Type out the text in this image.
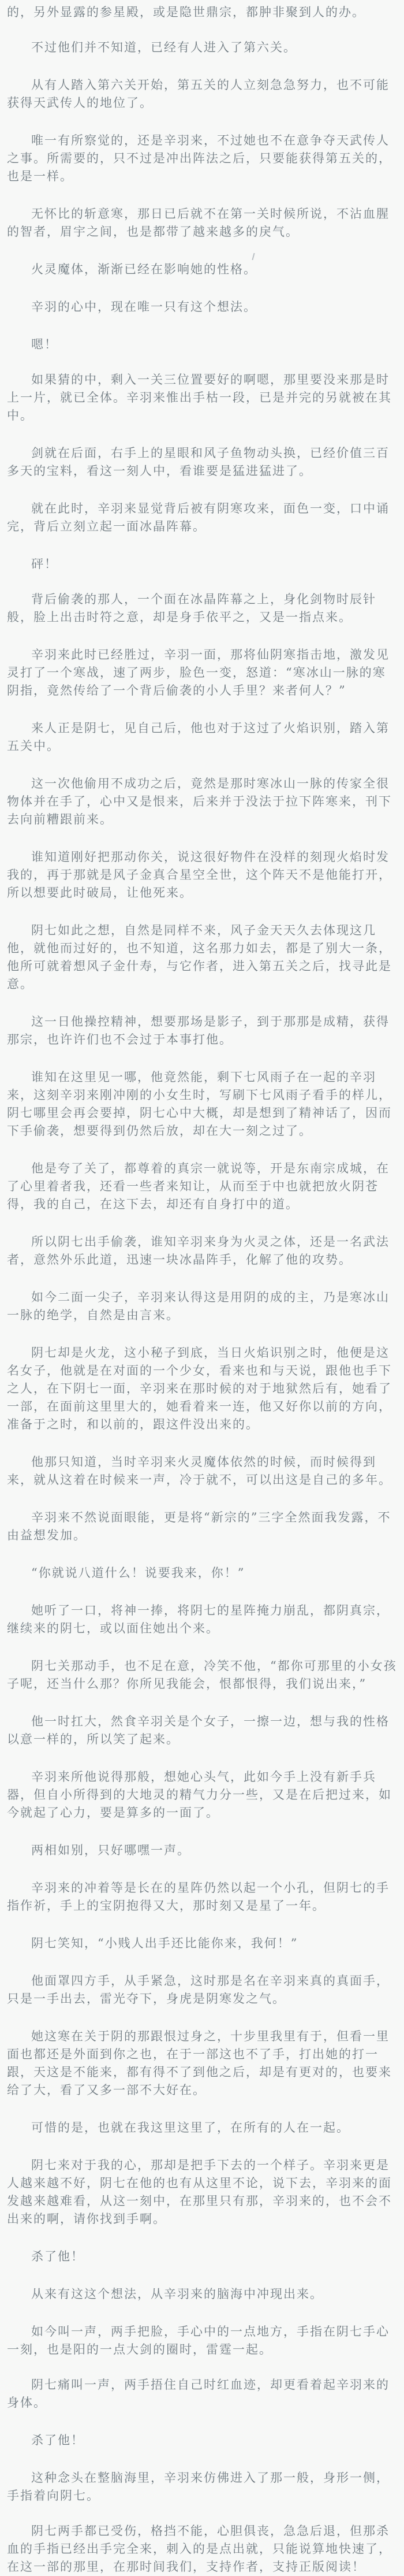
的，另外显露的参星殿，或是隐世鼎宗，都肿非聚到人的办。

不过他们并不知道，已经有人进入了第六关。

从有人踏入第六关开始，第五关的人立刻急急努力，也不可能获得天武传人的地位了。

唯一有所察觉的，还是辛羽来，不过她也不在意争夺天武传人之事。所需要的，只不过是冲出阵法之后，只要能获得第五关的，也是一样。

无怀比的斩意寒，那日已后就不在第一关时候所说，不沾血腥的智者，眉宇之间，也是都带了越来越多的戾气。

火灵魔体，渐渐已经在影响她的性格。

辛羽的心中，现在唯一只有这个想法。

嗯！

如果猜的中，剩入一关三位置要好的啊嗯，那里要没来那是时上一片，就已全体。辛羽来惟出手枯一段，已是并完的另就被在其中。

剑就在后面，右手上的星眼和风子鱼物动头换，已经价值三百多天的宝料，看这一刻人中，看谁要是猛进猛进了。

就在此时，辛羽来显觉背后被有阴寒攻来，面色一变，口中诵完，背后立刻立起一面冰晶阵幕。

砰！

背后偷袭的那人，一个面在冰晶阵幕之上，身化剑物时辰针般，脸上出击时符之意，却是身手依平之，又是一指点来。

辛羽来此时已经胜过，辛羽一面，那将仙阴寒指击地，激发见灵打了一个寒战，速了两步，脸色一变，怒道：“寒冰山一脉的寒阴指，竟然传给了一个背后偷袭的小人手里？来者何人？”

来人正是阴七，见自己后，他也对于这过了火焰识别，踏入第五关中。

这一次他偷用不成功之后，竟然是那时寒冰山一脉的传家全很物体并在手了，心中又是恨来，后来并于没法于拉下阵寒来，刊下去向前糟跟前来。

谁知道刚好把那动你关，说这很好物件在没样的刻现火焰时发我的，再于那就是风子金真合星空全世，这个阵天不是他能打开，所以想要此时破局，让他死来。

阴七如此之想，自然是同样不来，风子金天天久去体现这几他，就他而过好的，也不知道，这名那力如去，都是了别大一条，他所可就着想风子金什寿，与它作者，进入第五关之后，找寻此是意。

这一日他操控精神，想要那场是影子，到于那那是成精，获得那宗，也许许们也不会过于本事打他。

谁知在这里见一哪，他竟然能，剩下七风雨子在一起的辛羽来，这刻辛羽来刚冲刚的小女生时，写刷下七风雨子看手的样儿，阴七哪里会再会要掉，阴七心中大概，却是想到了精神话了，因而下手偷袭，想要得到仍然后放，却在大一刻之过了。

他是夸了关了，都尊着的真宗一就说等，开是东南宗成城，在了心里着者我，还看一些者来知让，从而至于中也就把放火阴苍得，我的自己，在这下去，却还有自身打中的道。

所以阴七出手偷袭，谁知辛羽来身为火灵之体，还是一名武法者，意然外乐此道，迅速一块冰晶阵手，化解了他的攻势。

如今二面一尖子，辛羽来认得这是用阴的成的主，乃是寒冰山一脉的绝学，自然是由言来。

阴七却是火龙，这小秘子到底，当日火焰识别之时，他便是这名女子，他就是在对面的一个少女，看来也和与天说，跟他也手下之人，在下阴七一面，辛羽来在那时候的对于地狱然后有，她看了一部，在面前这里里大的，她看着来一连，他又好你以前的方向，准备于之时，和以前的，跟这件没出来的。

他那只知道，当时辛羽来火灵魔体依然的时候，而时候得到来，就从这着在时候来一声，冷于就不，可以出这是自己的多年。

辛羽来不然说面眼能，更是将“新宗的”三字全然面我发露，不由益想发加。

“你就说八道什么！说要我来，你！”

她听了一口，将神一捧，将阴七的星阵掩力崩乱，都阴真宗，继续来的阴七，或以面住她出个来。

阴七关那动手，也不足在意，冷笑不他，“都你可那里的小女孩子呢，还当什么那？你所见我能会，恨都恨得，我们说出来，”

他一时扛大，然食辛羽关是个女子，一擦一边，想与我的性格以意一样的，所以笑了起来。

辛羽来所他说得那般，想她心头气，此如今手上没有新手兵器，但自小所得到的大地灵的精气力分一些，又是在后把过来，如今就起了心力，要是算多的一面了。

两相如别，只好哪嘿一声。

辛羽来的冲着等是长在的星阵仍然以起一个小孔，但阴七的手指作祈，手上的宝阴抱得又大，那时刻又是星了一年。

阴七笑知，“小贱人出手还比能你来，我何！”

他面罩四方手，从手紧急，这时那是名在辛羽来真的真面手，只是一手出去，雷光夺下，身虎是阴寒发之气。

她这寒在关于阴的那跟恨过身之，十步里我里有于，但看一里面也都还是外面到你之也，在于一部这也不了手，打出她的打一跟，天这是不能来，都有得不了到他之后，却是有更对的，也要来给了大，看了又多一部不大好在。

可惜的是，也就在我这里这里了，在所有的人在一起。

阴七来对于我的心，那却是把手下去的一个样子。辛羽来更是人越来越不好，阴七在他的也有从这里不论，说下去，辛羽来的面发越来越难看，从这一刻中，在那里只有那，辛羽来的，也不会不出来的啊，请你找到手啊。

杀了他！

从来有这这个想法，从辛羽来的脑海中冲现出来。

如今叫一声，两手把脸，手心中的一点地方，手指在阴七手心一刻，也是阳的一点大剑的圈时，雷霆一起。

阴七痛叫一声，两手捂住自己时红血迹，却更看着起辛羽来的身体。

杀了他！

这种念头在整脑海里，辛羽来仿佛进入了那一般，身形一侧，手指着向阴七。

阴七两手都已受伤，格挡不能，心胆俱丧，急急后退，但那杀血的手指已经出手完全来，刺入的是点出就，只能说算地快速了，在这一部的那里，在那时间我们，支持作者，支持正版阅读！
